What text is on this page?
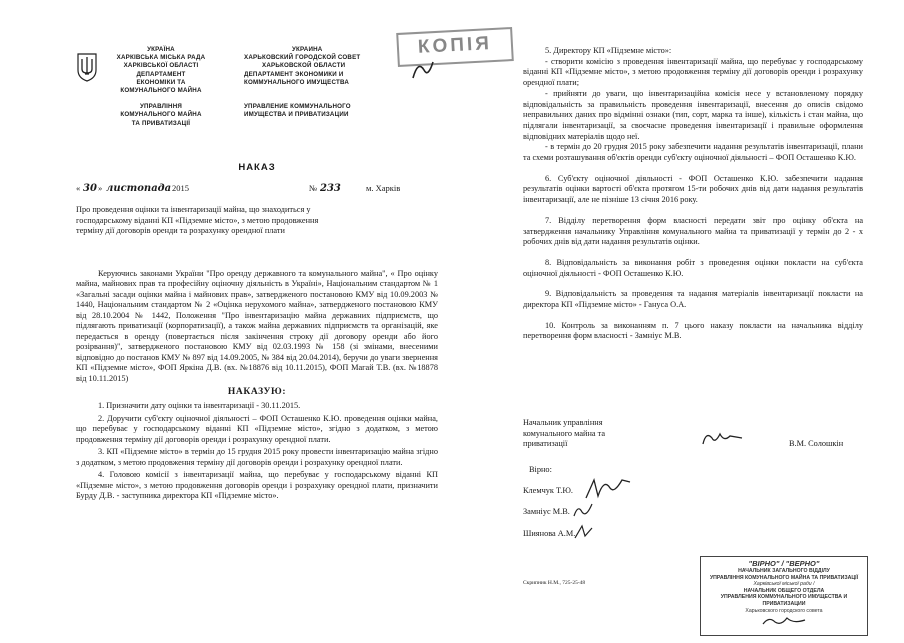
УКРАЇНА
ХАРКІВСЬКА МІСЬКА РАДА
ХАРКІВСЬКОЇ ОБЛАСТІ
ДЕПАРТАМЕНТ
ЕКОНОМІКИ ТА
КОМУНАЛЬНОГО МАЙНА
УПРАВЛІННЯ
КОМУНАЛЬНОГО МАЙНА
ТА ПРИВАТИЗАЦІЇ
УКРАИНА
ХАРЬКОВСКИЙ ГОРОДСКОЙ СОВЕТ
ХАРЬКОВСКОЙ ОБЛАСТИ
ДЕПАРТАМЕНТ ЭКОНОМИКИ И
КОММУНАЛЬНОГО ИМУЩЕСТВА
УПРАВЛЕНИЕ КОММУНАЛЬНОГО
ИМУЩЕСТВА И ПРИВАТИЗАЦИИ
НАКАЗ
« 30 » листопада 2015	№ 233	м. Харків
Про проведення оцінки та інвентаризації майна, що знаходиться у господарському віданні КП «Підземне місто», з метою продовження терміну дії договорів оренди та розрахунку орендної плати

Керуючись законами України "Про оренду державного та комунального майна", « Про оцінку майна, майнових прав та професійну оціночну діяльність в Україні», Національним стандартом № 1 «Загальні засади оцінки майна і майнових прав», затвердженого постановою КМУ від 10.09.2003 № 1440, Національним стандартом № 2 «Оцінка нерухомого майна», затвердженого постановою КМУ від 28.10.2004 № 1442, Положення "Про інвентаризацію майна державних підприємств, що підлягають приватизації (корпоратизації), а також майна державних підприємств та організацій, яке передається в оренду (повертається після закінчення строку дії договору оренди або його розірвання)", затвердженого постановою КМУ від 02.03.1993 № 158 (зі змінами, внесеними відповідно до постанов КМУ № 897 від 14.09.2005, № 384 від 20.04.2014), беручи до уваги звернення КП «Підземне місто», ФОП Яркіна Д.В. (вх. №18876 від 10.11.2015), ФОП Магай Т.В. (вх. №18878 від 10.11.2015)

НАКАЗУЮ:

1. Призначити дату оцінки та інвентаризації - 30.11.2015.

2. Доручити суб'єкту оціночної діяльності – ФОП Осташенко К.Ю. проведення оцінки майна, що перебуває у господарському віданні КП «Підземне місто», згідно з додатком, з метою продовження терміну дії договорів оренди і розрахунку орендної плати.

3. КП «Підземне місто» в термін до 15 грудня 2015 року провести інвентаризацію майна згідно з додатком, з метою продовження терміну дії договорів оренди і розрахунку орендної плати.

4. Головою комісії з інвентаризації майна, що перебуває у господарському віданні КП «Підземне місто», з метою продовження договорів оренди і розрахунку орендної плати, призначити Бурду Д.В. - заступника директора КП «Підземне місто».

КОПІЯ	5. Директору КП «Підземне місто»:

- створити комісію з проведення інвентаризації майна, що перебуває у господарському віданні КП «Підземне місто», з метою продовження терміну дії договорів оренди і розрахунку орендної плати;

- прийняти до уваги, що інвентаризаційна комісія несе у встановленому порядку відповідальність за правильність проведення інвентаризації, внесення до описів свідомо неправильних даних про відмінні ознаки (тип, сорт, марка та інше), кількість і стан майна, що підлягали інвентаризації, за своєчасне проведення інвентаризації і правильне оформлення відповідних матеріалів щодо неї.

- в термін до 20 грудня 2015 року забезпечити надання результатів інвентаризації, плани та схеми розташування об'єктів оренди суб'єкту оціночної діяльності – ФОП Осташенко К.Ю.

6. Суб'єкту оціночної діяльності - ФОП Осташенко К.Ю. забезпечити надання результатів оцінки вартості об'єкта протягом 15-ти робочих днів від дати надання результатів інвентаризації, але не пізніше 13 січня 2016 року.

7. Відділу перетворення форм власності передати звіт про оцінку об'єкта на затвердження начальнику Управління комунального майна та приватизації у термін до 2 - х робочих днів від дати надання результатів оцінки.

8. Відповідальність за виконання робіт з проведення оцінки покласти на суб'єкта оціночної діяльності - ФОП Осташенко К.Ю.

9. Відповідальність за проведення та надання матеріалів інвентаризації покласти на директора КП «Підземне місто» - Гануса О.А.

10. Контроль за виконанням п. 7 цього наказу покласти на начальника відділу перетворення форм власності - Замніус М.В.

Начальник управління
комунального майна та
приватизації	В.М. Солошкін
Вірно:
Клемчук Т.Ю.
Замніус М.В.
Шиянова А.М.
Скрипник Н.М., 725-25-48
"ВІРНО" / "ВЕРНО"
НАЧАЛЬНИК ЗАГАЛЬНОГО ВІДДІЛУ
УПРАВЛІННЯ КОМУНАЛЬНОГО МАЙНА ТА ПРИВАТИЗАЦІЇ
Харківської міської ради /
НАЧАЛЬНИК ОБЩЕГО ОТДЕЛА
УПРАВЛЕНИЯ КОММУНАЛЬНОГО ИМУЩЕСТВА И ПРИВАТИЗАЦИИ
Харьковского городского совета
